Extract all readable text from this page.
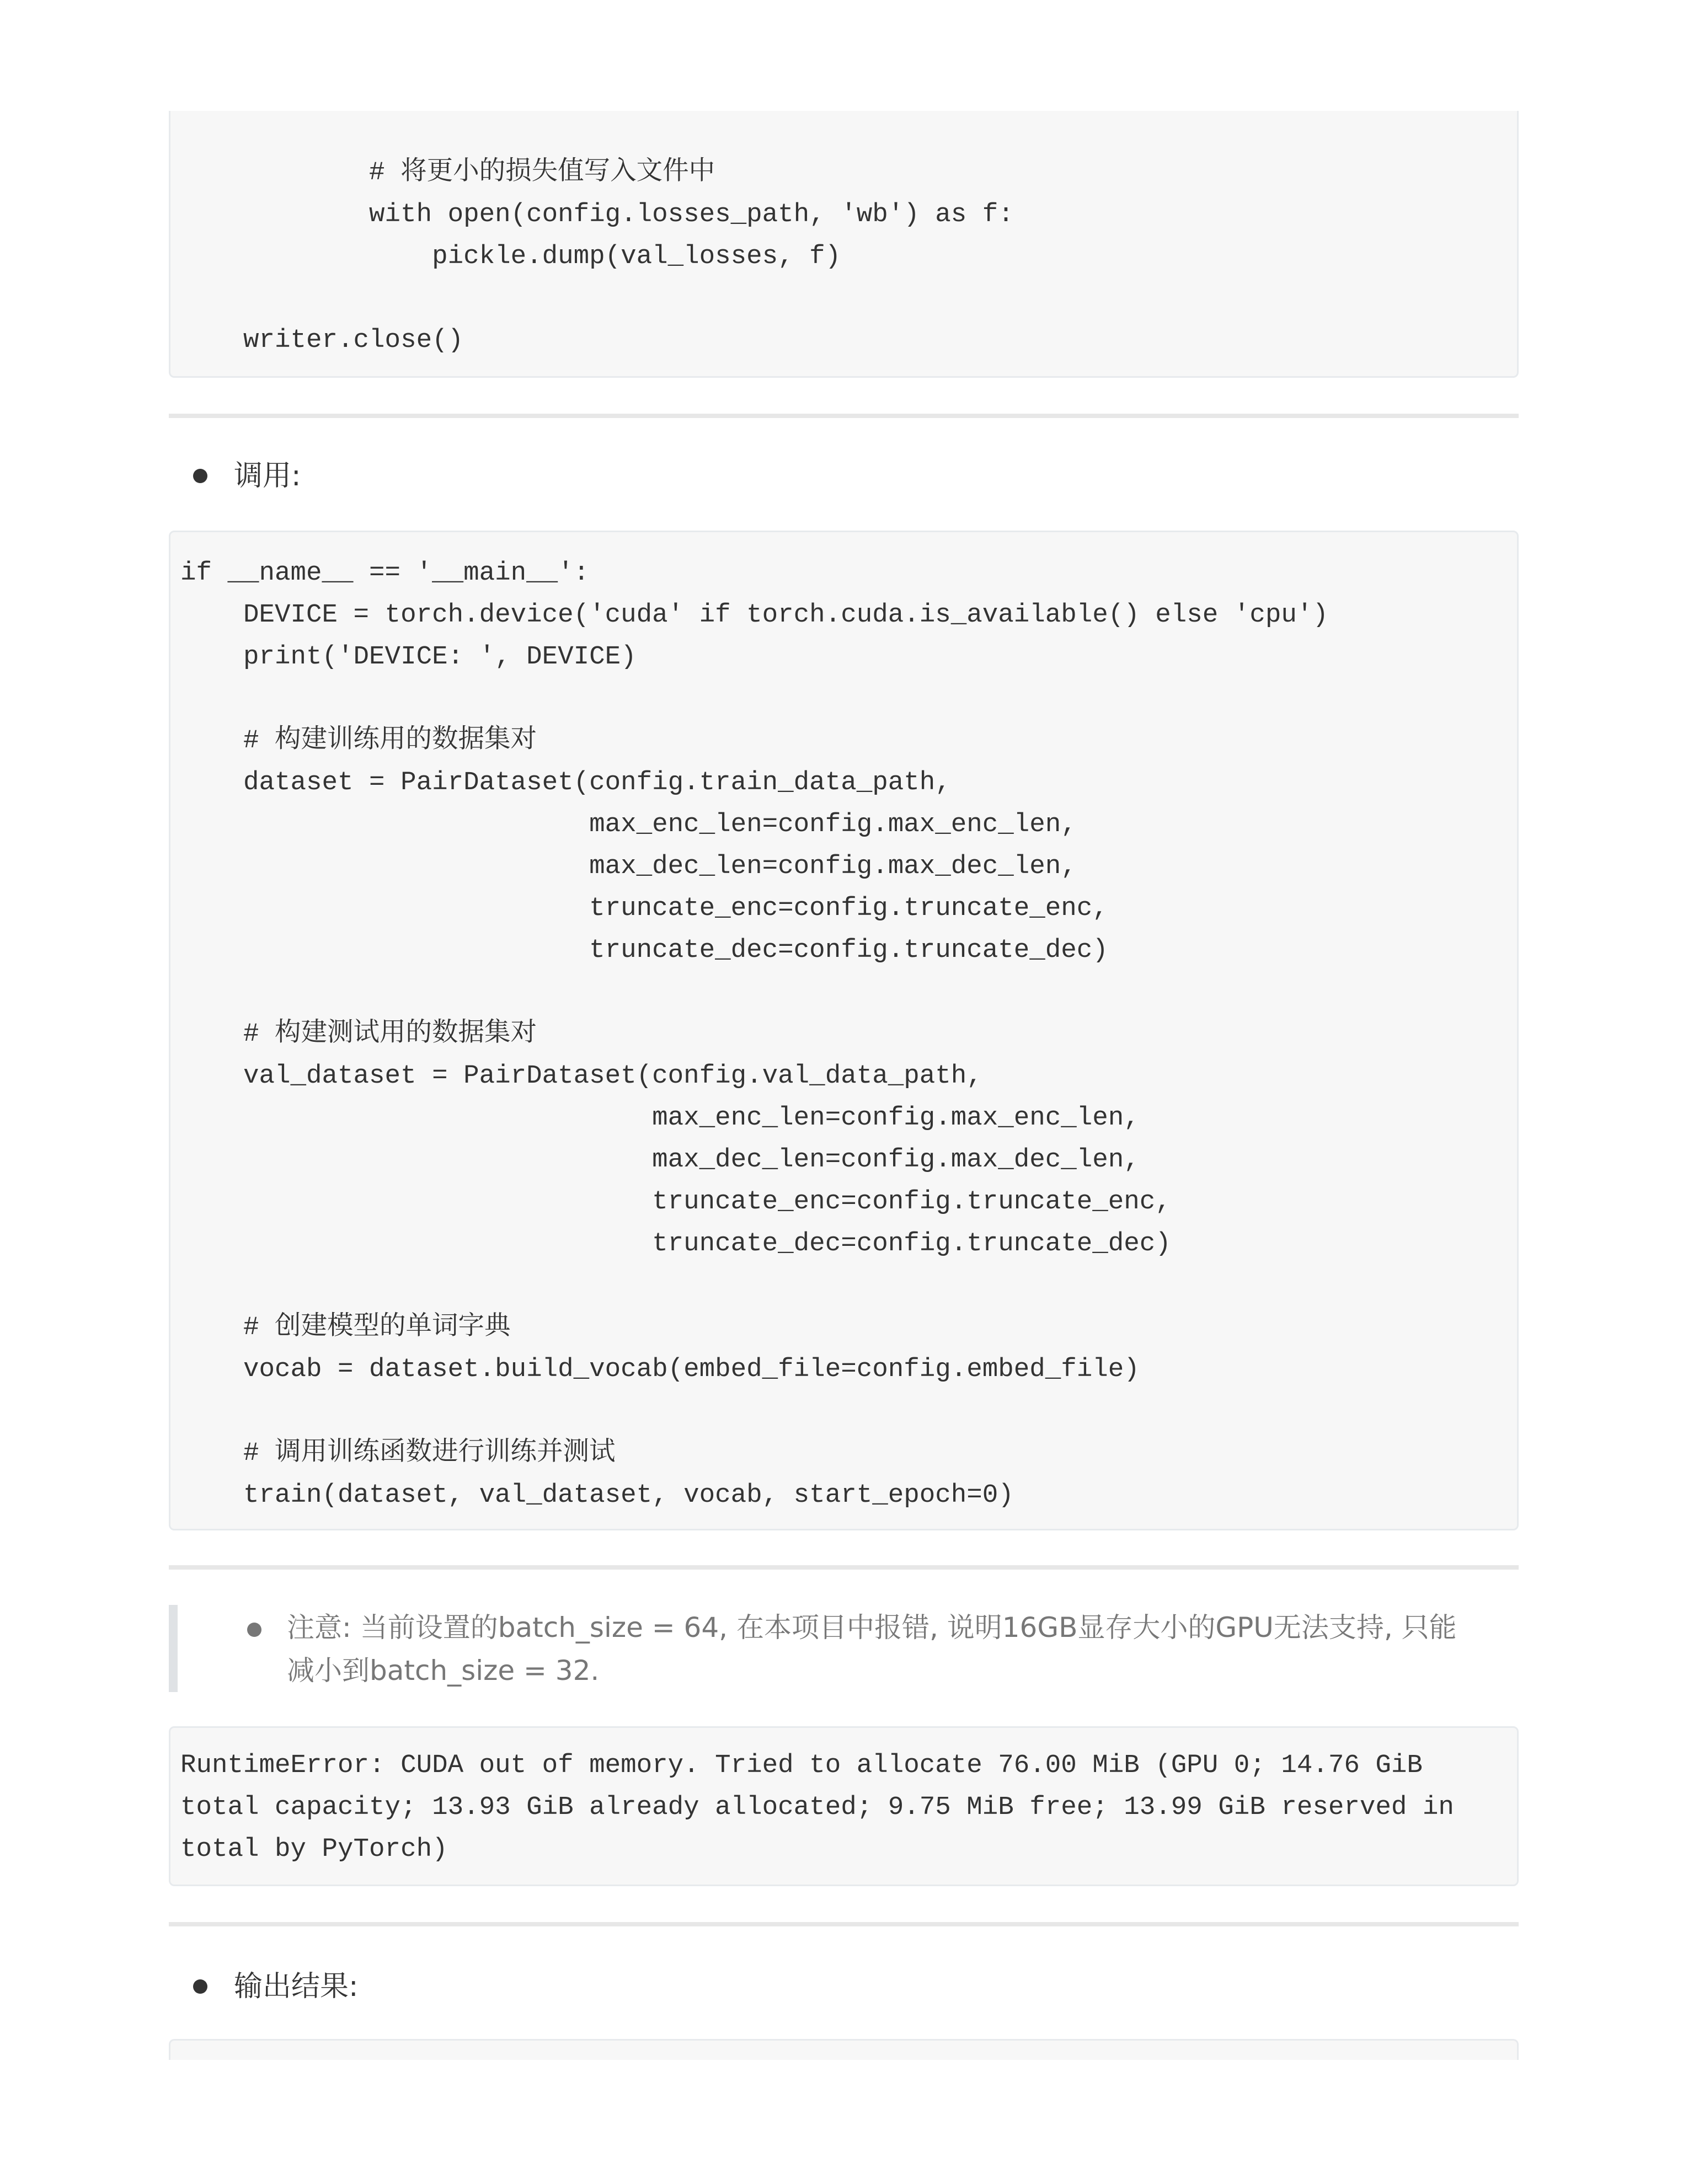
# 将更小的损失值写入文件中
with open(config.losses_path, 'wb') as f:
pickle.dump(val_losses, f)
writer.close()
调用:
if __name__ == '__main__':
DEVICE = torch.device('cuda' if torch.cuda.is_available() else 'cpu')
print('DEVICE: ', DEVICE)
# 构建训练用的数据集对
dataset = PairDataset(config.train_data_path,
max_enc_len=config.max_enc_len,
max_dec_len=config.max_dec_len,
truncate_enc=config.truncate_enc,
truncate_dec=config.truncate_dec)
# 构建测试用的数据集对
val_dataset = PairDataset(config.val_data_path,
max_enc_len=config.max_enc_len,
max_dec_len=config.max_dec_len,
truncate_enc=config.truncate_enc,
truncate_dec=config.truncate_dec)
# 创建模型的单词字典
vocab = dataset.build_vocab(embed_file=config.embed_file)
# 调用训练函数进行训练并测试
train(dataset, val_dataset, vocab, start_epoch=0)
注意: 当前设置的batch_size = 64, 在本项目中报错, 说明16GB显存大小的GPU无法支持, 只能减小到batch_size = 32.
RuntimeError: CUDA out of memory. Tried to allocate 76.00 MiB (GPU 0; 14.76 GiB total capacity; 13.93 GiB already allocated; 9.75 MiB free; 13.99 GiB reserved in total by PyTorch)
输出结果:
